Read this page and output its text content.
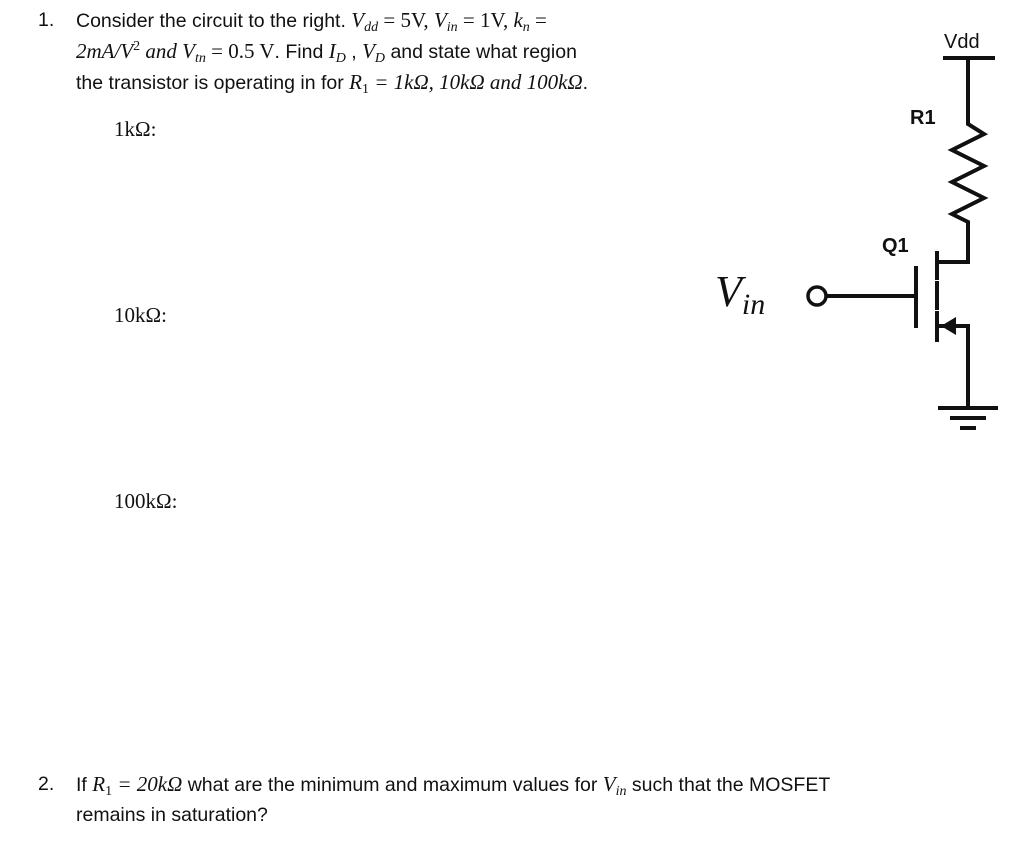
1. Consider the circuit to the right. $V_{dd} = 5V$, $V_{in} = 1V$, $k_n$ =
$2mA/V^2$ and $V_{tn} = 0.5$ V. Find $I_D$ , $V_D$ and state what region
the transistor is operating in for $R_1 = 1k\Omega$, 10kΩ and 100kΩ.
1kΩ:
10kΩ:
100kΩ:
2. If $R_1 = 20k\Omega$ what are the minimum and maximum values for $V_{in}$ such that the MOSFET
remains in saturation?
Vdd
R1
Q1
Vin
